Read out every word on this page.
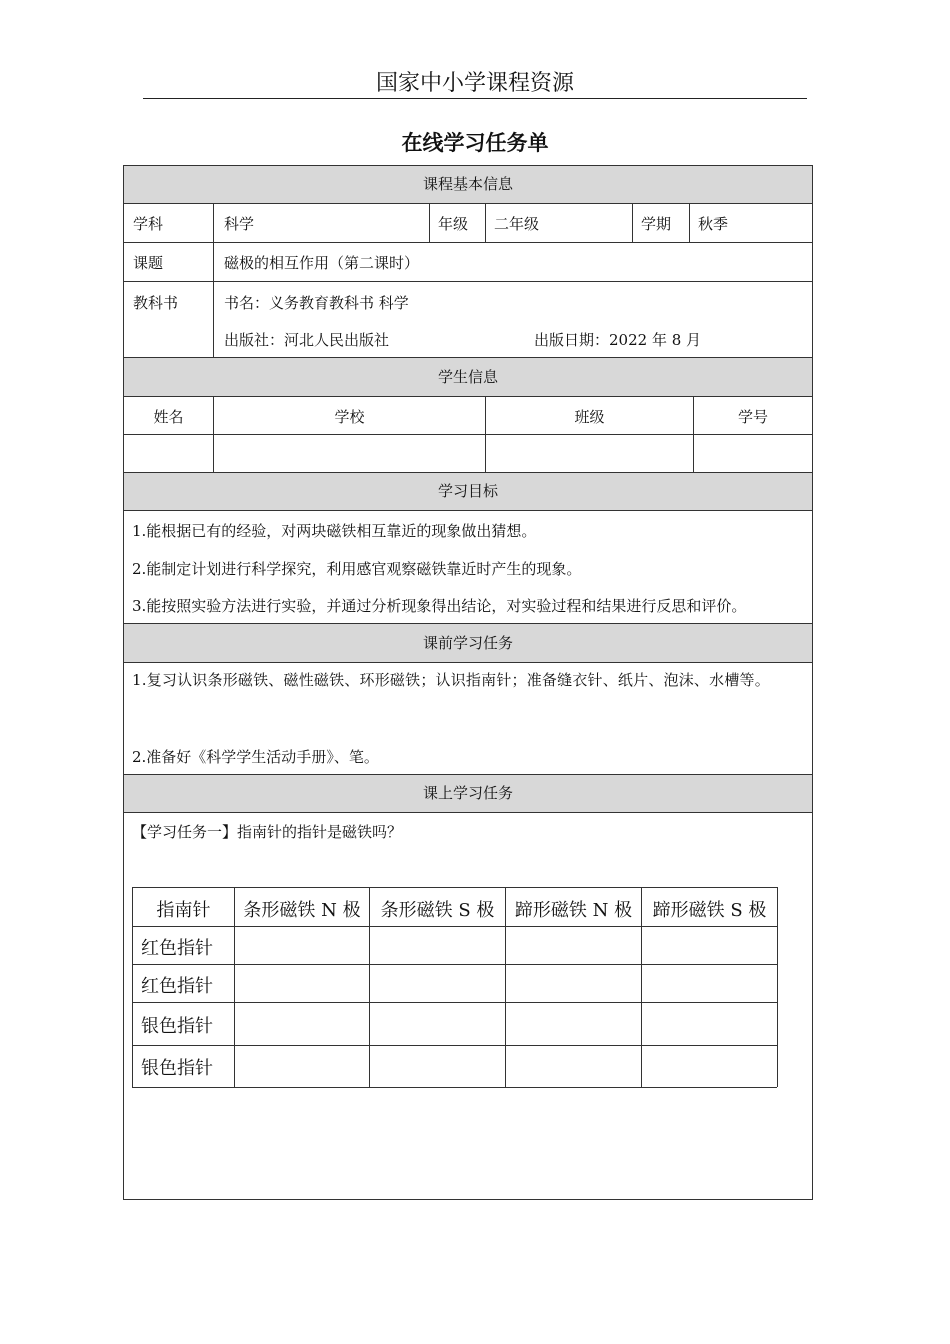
国家中小学课程资源
在线学习任务单
课程基本信息
学科	科学	年级 二年级	学期 秋季
课题	磁极的相互作用（第二课时）
教科书	书名：义务教育教科书 科学
出版社：河北人民出版社	出版日期：2022 年 8 月
学生信息
姓名	学校	班级	学号
学习目标
1.能根据已有的经验，对两块磁铁相互靠近的现象做出猜想。
2.能制定计划进行科学探究，利用感官观察磁铁靠近时产生的现象。
3.能按照实验方法进行实验，并通过分析现象得出结论，对实验过程和结果进行反思和评价。
课前学习任务
1.复习认识条形磁铁、磁性磁铁、环形磁铁；认识指南针；准备缝衣针、纸片、泡沫、水槽等。
2.准备好《科学学生活动手册》、笔。
课上学习任务
【学习任务一】指南针的指针是磁铁吗？
指南针	条形磁铁 N 极	条形磁铁 S 极	蹄形磁铁 N 极	蹄形磁铁 S 极
红色指针
红色指针
银色指针
银色指针
